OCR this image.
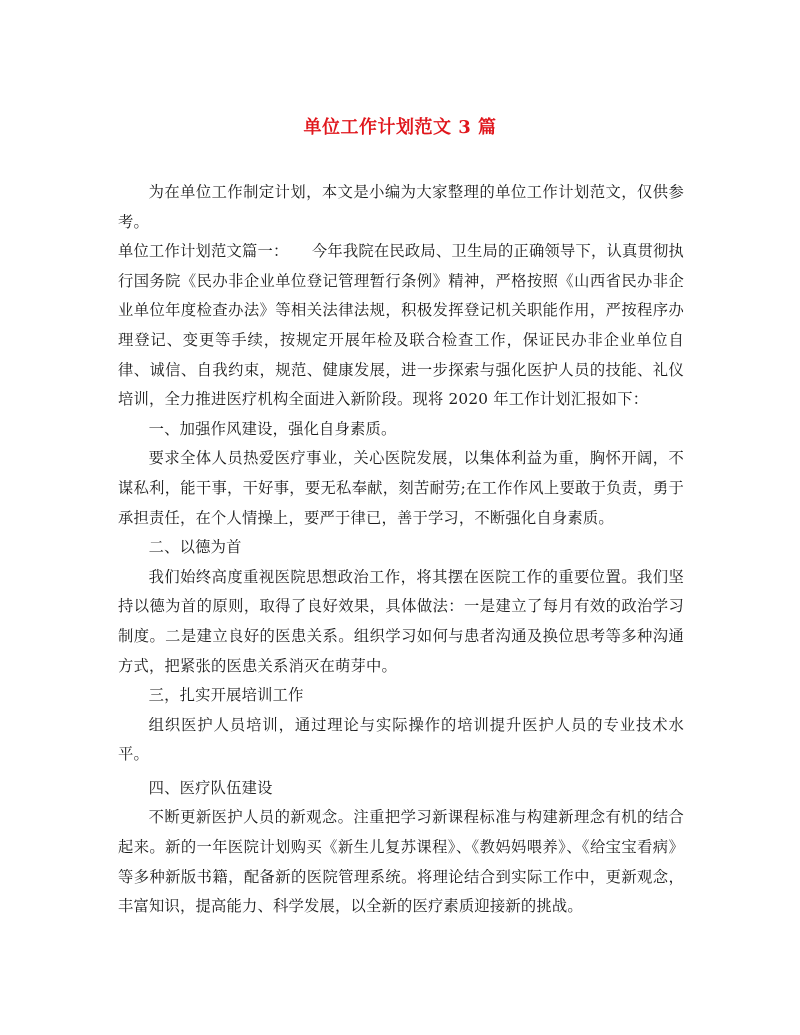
单位工作计划范文 3 篇

为在单位工作制定计划，本文是小编为大家整理的单位工作计划范文，仅供参考。

单位工作计划范文篇一：　　今年我院在民政局、卫生局的正确领导下，认真贯彻执行国务院《民办非企业单位登记管理暂行条例》精神，严格按照《山西省民办非企业单位年度检查办法》等相关法律法规，积极发挥登记机关职能作用，严按程序办理登记、变更等手续，按规定开展年检及联合检查工作，保证民办非企业单位自律、诚信、自我约束，规范、健康发展，进一步探索与强化医护人员的技能、礼仪培训，全力推进医疗机构全面进入新阶段。现将 2020 年工作计划汇报如下：

一、加强作风建设，强化自身素质。

要求全体人员热爱医疗事业，关心医院发展，以集体利益为重，胸怀开阔，不谋私利，能干事，干好事，要无私奉献，刻苦耐劳;在工作作风上要敢于负责，勇于承担责任，在个人情操上，要严于律已，善于学习，不断强化自身素质。

二、以德为首

我们始终高度重视医院思想政治工作，将其摆在医院工作的重要位置。我们坚持以德为首的原则，取得了良好效果，具体做法：一是建立了每月有效的政治学习制度。二是建立良好的医患关系。组织学习如何与患者沟通及换位思考等多种沟通方式，把紧张的医患关系消灭在萌芽中。

三，扎实开展培训工作

组织医护人员培训，通过理论与实际操作的培训提升医护人员的专业技术水平。

四、医疗队伍建设

不断更新医护人员的新观念。注重把学习新课程标准与构建新理念有机的结合起来。新的一年医院计划购买《新生儿复苏课程》、《教妈妈喂养》、《给宝宝看病》等多种新版书籍，配备新的医院管理系统。将理论结合到实际工作中，更新观念，丰富知识，提高能力、科学发展，以全新的医疗素质迎接新的挑战。
